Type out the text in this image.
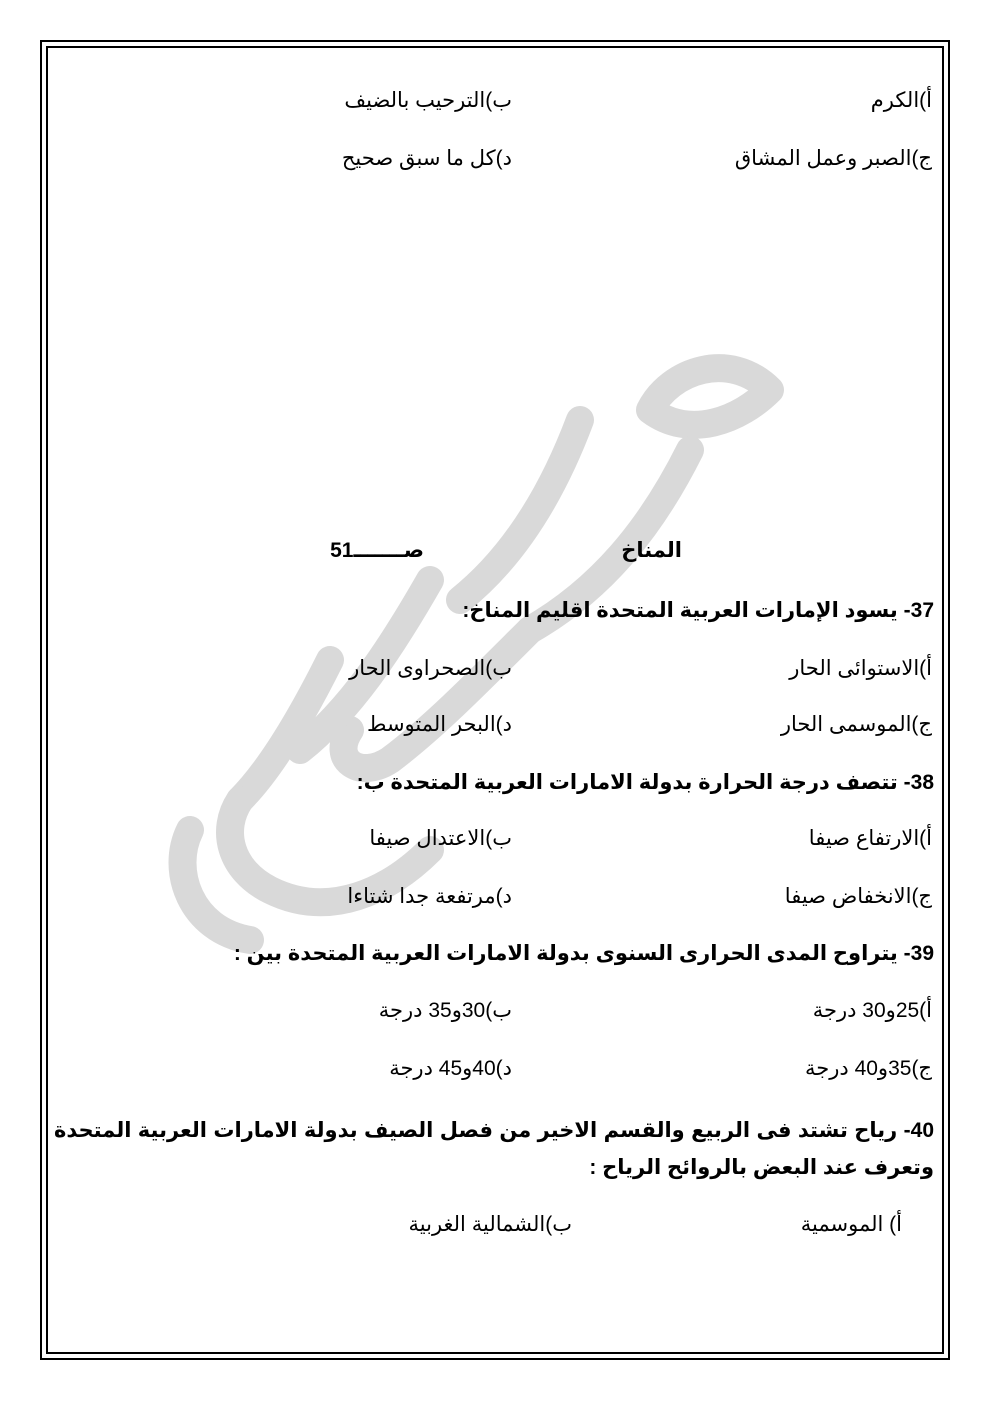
أ)الكرم
ب)الترحيب بالضيف
ج)الصبر وعمل المشاق
د)كل ما سبق صحيح
المناخ
صـــــــ51
37- يسود الإمارات العربية المتحدة اقليم المناخ:
أ)الاستوائى الحار
ب)الصحراوى الحار
ج)الموسمى الحار
د)البحر المتوسط
38- تتصف درجة الحرارة بدولة الامارات العربية المتحدة ب:
أ)الارتفاع صيفا
ب)الاعتدال صيفا
ج)الانخفاض صيفا
د)مرتفعة جدا شتاءا
39- يتراوح المدى الحرارى السنوى بدولة الامارات العربية المتحدة بين :
أ)25و30 درجة
ب)30و35 درجة
ج)35و40 درجة
د)40و45 درجة
40- رياح تشتد فى الربيع والقسم الاخير من فصل الصيف بدولة الامارات العربية المتحدة وتعرف عند البعض بالروائح الرياح :
أ) الموسمية
ب)الشمالية الغربية
